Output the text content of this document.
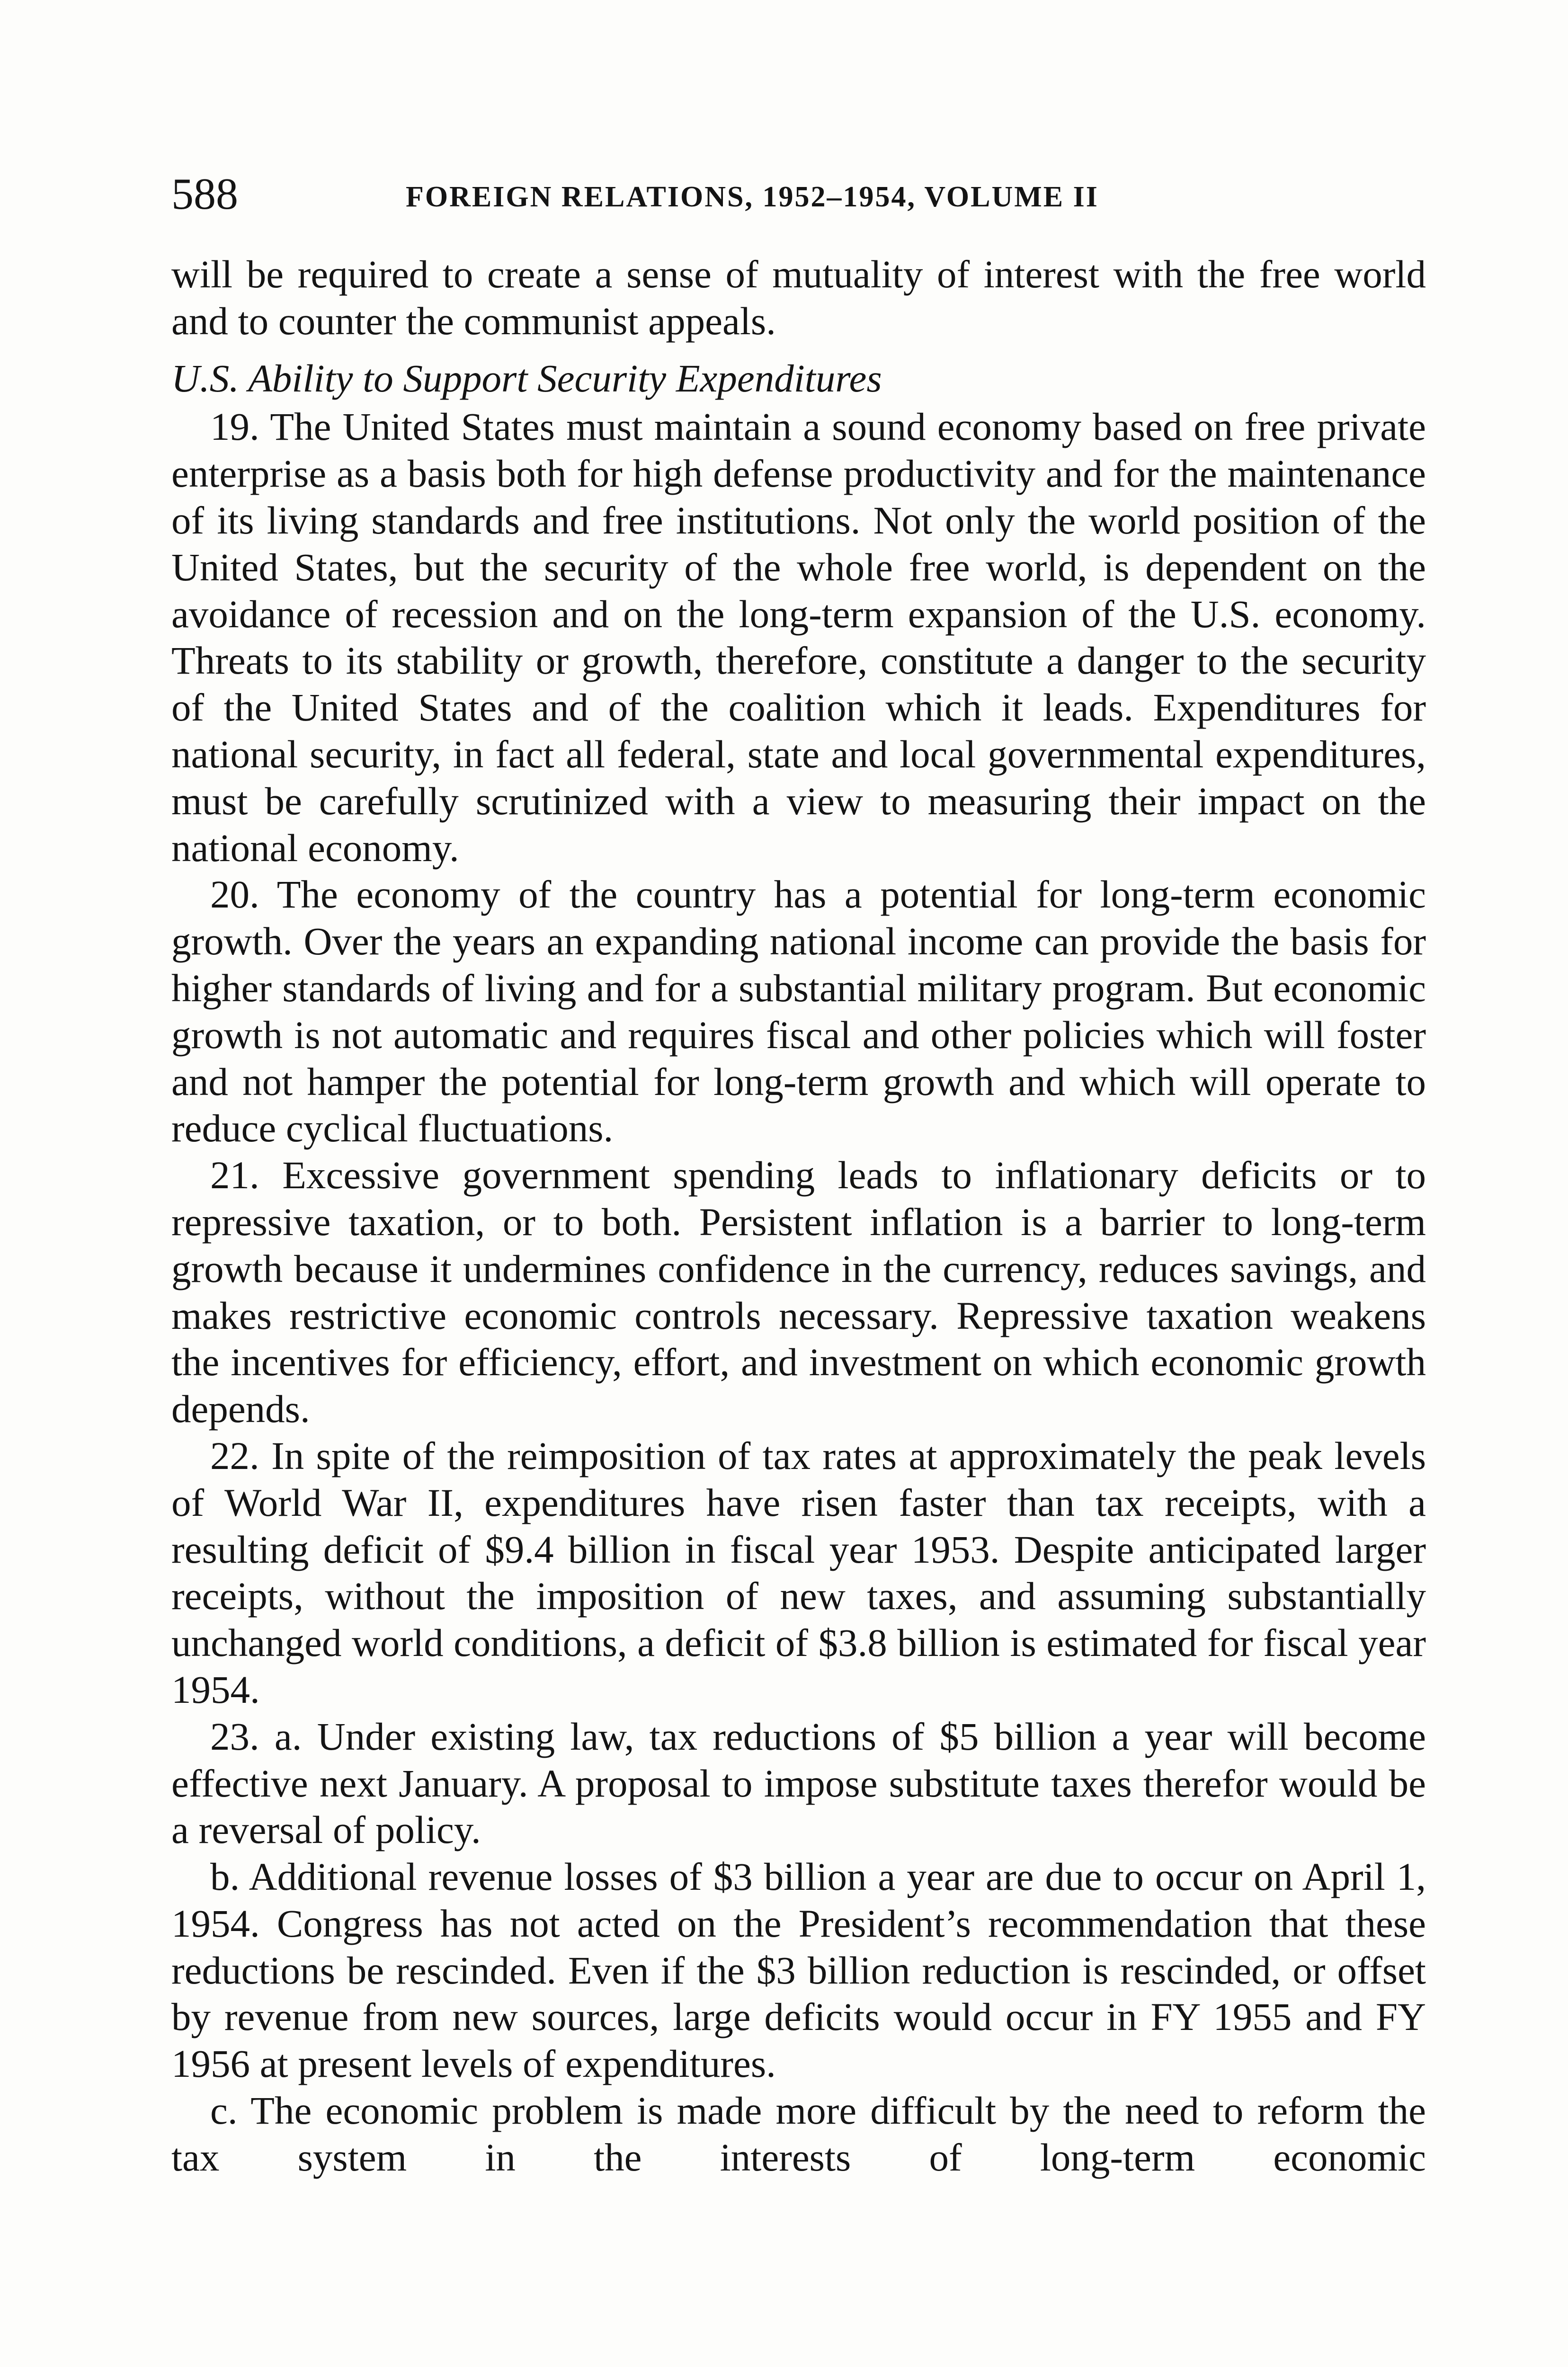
588	FOREIGN RELATIONS, 1952–1954, VOLUME II

will be required to create a sense of mutuality of interest with the free world and to counter the communist appeals.

U.S. Ability to Support Security Expenditures

19. The United States must maintain a sound economy based on free private enterprise as a basis both for high defense productivity and for the maintenance of its living standards and free institutions. Not only the world position of the United States, but the security of the whole free world, is dependent on the avoidance of recession and on the long-term expansion of the U.S. economy. Threats to its stability or growth, therefore, constitute a danger to the security of the United States and of the coalition which it leads. Expenditures for national security, in fact all federal, state and local governmental expenditures, must be carefully scrutinized with a view to measuring their impact on the national economy.

20. The economy of the country has a potential for long-term economic growth. Over the years an expanding national income can provide the basis for higher standards of living and for a substantial military program. But economic growth is not automatic and requires fiscal and other policies which will foster and not hamper the potential for long-term growth and which will operate to reduce cyclical fluctuations.

21. Excessive government spending leads to inflationary deficits or to repressive taxation, or to both. Persistent inflation is a barrier to long-term growth because it undermines confidence in the currency, reduces savings, and makes restrictive economic controls necessary. Repressive taxation weakens the incentives for efficiency, effort, and investment on which economic growth depends.

22. In spite of the reimposition of tax rates at approximately the peak levels of World War II, expenditures have risen faster than tax receipts, with a resulting deficit of $9.4 billion in fiscal year 1953. Despite anticipated larger receipts, without the imposition of new taxes, and assuming substantially unchanged world conditions, a deficit of $3.8 billion is estimated for fiscal year 1954.

23. a. Under existing law, tax reductions of $5 billion a year will become effective next January. A proposal to impose substitute taxes therefor would be a reversal of policy.

b. Additional revenue losses of $3 billion a year are due to occur on April 1, 1954. Congress has not acted on the President’s recommendation that these reductions be rescinded. Even if the $3 billion reduction is rescinded, or offset by revenue from new sources, large deficits would occur in FY 1955 and FY 1956 at present levels of expenditures.

c. The economic problem is made more difficult by the need to reform the tax system in the interests of long-term economic
